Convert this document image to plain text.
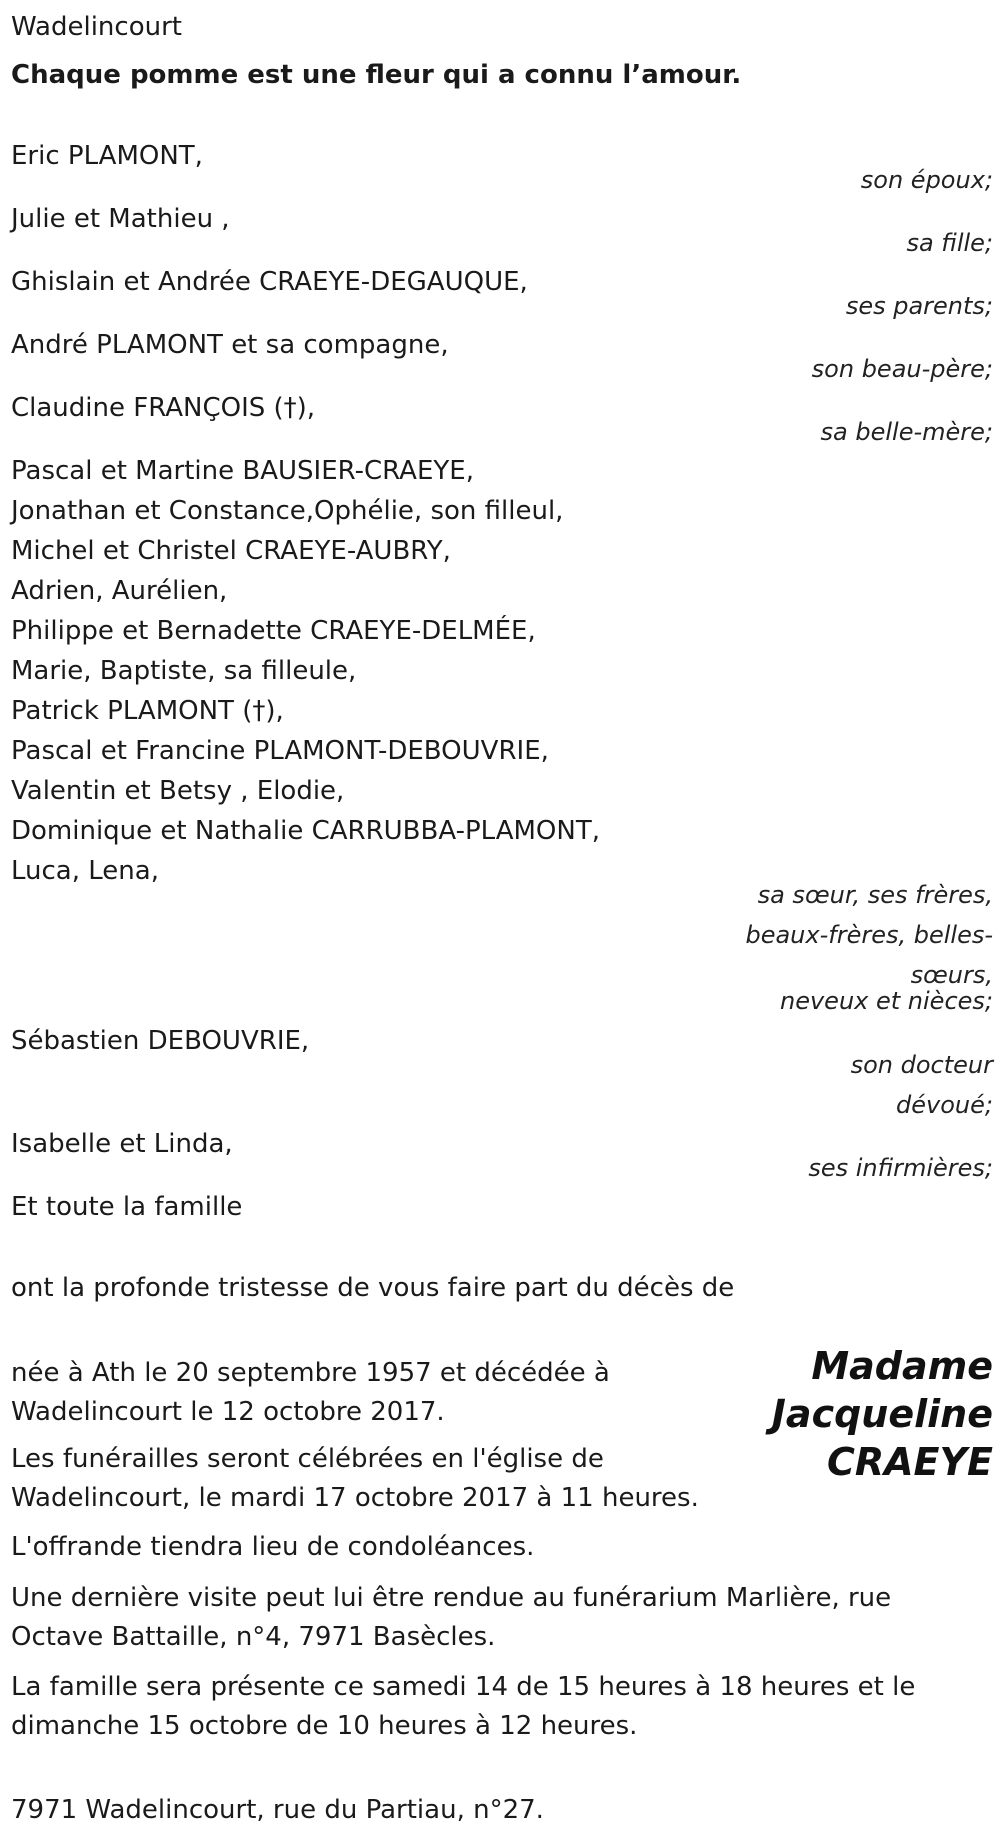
Wadelincourt
Chaque pomme est une fleur qui a connu l’amour.
Eric PLAMONT,
son époux;
Julie et Mathieu ,
sa fille;
Ghislain et Andrée CRAEYE-DEGAUQUE,
ses parents;
André PLAMONT et sa compagne,
son beau-père;
Claudine FRANÇOIS (†),
sa belle-mère;
Pascal et Martine BAUSIER-CRAEYE,
Jonathan et Constance,Ophélie, son filleul,
Michel et Christel CRAEYE-AUBRY,
Adrien, Aurélien,
Philippe et Bernadette CRAEYE-DELMÉE,
Marie, Baptiste, sa filleule,
Patrick PLAMONT (†),
Pascal et Francine PLAMONT-DEBOUVRIE,
Valentin et Betsy , Elodie,
Dominique et Nathalie CARRUBBA-PLAMONT,
Luca, Lena,
sa sœur, ses frères,
beaux-frères, belles-
sœurs,
neveux et nièces;
Sébastien DEBOUVRIE,
son docteur
dévoué;
Isabelle et Linda,
ses infirmières;
Et toute la famille
ont la profonde tristesse de vous faire part du décès de
Madame
Jacqueline
CRAEYE
née à Ath le 20 septembre 1957 et décédée à
Wadelincourt le 12 octobre 2017.
Les funérailles seront célébrées en l'église de
Wadelincourt, le mardi 17 octobre 2017 à 11 heures.
L'offrande tiendra lieu de condoléances.
Une dernière visite peut lui être rendue au funérarium Marlière, rue
Octave Battaille, n°4, 7971 Basècles.
La famille sera présente ce samedi 14 de 15 heures à 18 heures et le
dimanche 15 octobre de 10 heures à 12 heures.
7971 Wadelincourt, rue du Partiau, n°27.
